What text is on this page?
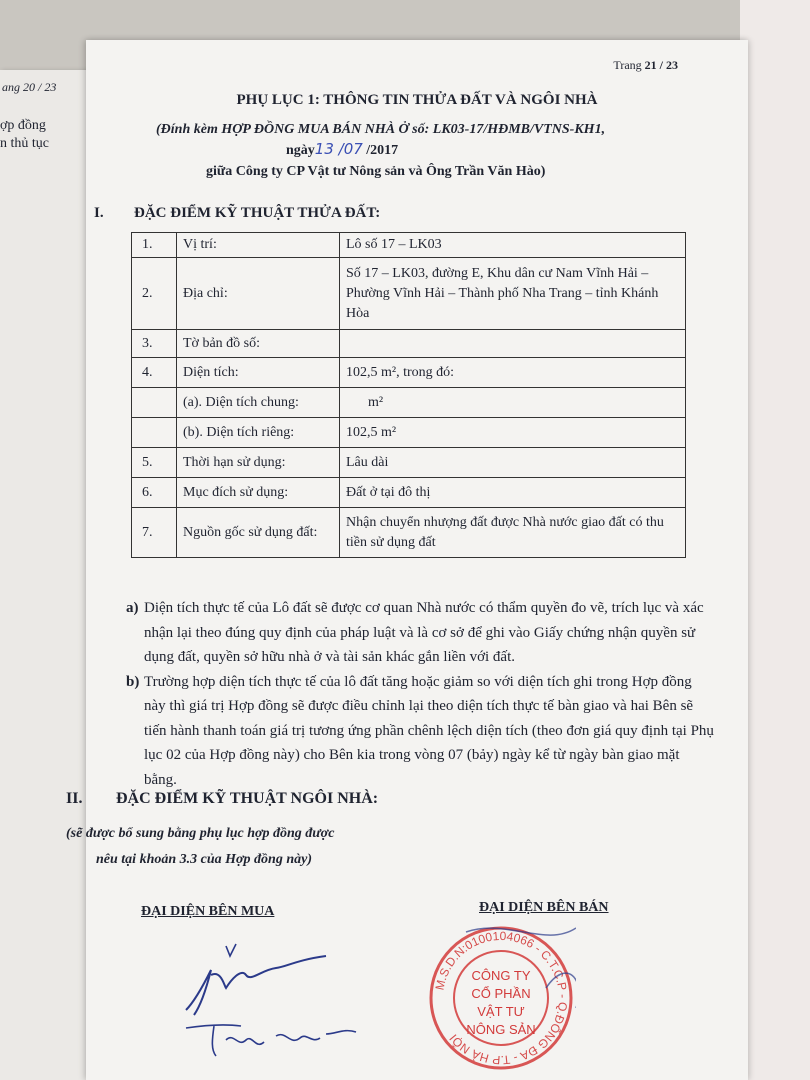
ang 20 / 23
ợp đồng
n thủ tục
Trang 21 / 23
PHỤ LỤC 1: THÔNG TIN THỬA ĐẤT VÀ NGÔI NHÀ
(Đính kèm HỢP ĐỒNG MUA BÁN NHÀ Ở số: LK03-17/HĐMB/VTNS-KH1,
ngày13 /07 /2017
giữa Công ty CP Vật tư Nông sản và Ông Trần Văn Hào)
I. ĐẶC ĐIỂM KỸ THUẬT THỬA ĐẤT:
1.	Vị trí:	Lô số 17 – LK03
2.	Địa chỉ:	Số 17 – LK03, đường E, Khu dân cư Nam Vĩnh Hải – Phường Vĩnh Hải – Thành phố Nha Trang – tỉnh Khánh Hòa
3.	Tờ bản đồ số:	
4.	Diện tích:	102,5 m², trong đó:
	(a). Diện tích chung:	m²
	(b). Diện tích riêng:	102,5 m²
5.	Thời hạn sử dụng:	Lâu dài
6.	Mục đích sử dụng:	Đất ở tại đô thị
7.	Nguồn gốc sử dụng đất:	Nhận chuyển nhượng đất được Nhà nước giao đất có thu tiền sử dụng đất
a) Diện tích thực tế của Lô đất sẽ được cơ quan Nhà nước có thẩm quyền đo vẽ, trích lục và xác nhận lại theo đúng quy định của pháp luật và là cơ sở để ghi vào Giấy chứng nhận quyền sử dụng đất, quyền sở hữu nhà ở và tài sản khác gắn liền với đất.
b) Trường hợp diện tích thực tế của lô đất tăng hoặc giảm so với diện tích ghi trong Hợp đồng này thì giá trị Hợp đồng sẽ được điều chỉnh lại theo diện tích thực tế bàn giao và hai Bên sẽ tiến hành thanh toán giá trị tương ứng phần chênh lệch diện tích (theo đơn giá quy định tại Phụ lục 02 của Hợp đồng này) cho Bên kia trong vòng 07 (bảy) ngày kể từ ngày bàn giao mặt bằng.
II. ĐẶC ĐIỂM KỸ THUẬT NGÔI NHÀ:
(sẽ được bổ sung bằng phụ lục hợp đồng được
nêu tại khoản 3.3 của Hợp đồng này)
ĐẠI DIỆN BÊN MUA	ĐẠI DIỆN BÊN BÁN
Trần Văn Hào
M.S.D.N:0100104066 - C.T.C.P - Q.ĐỐNG ĐA - T.P HÀ NỘI
CÔNG TY
CỔ PHẦN
VẬT TƯ
NÔNG SẢN
